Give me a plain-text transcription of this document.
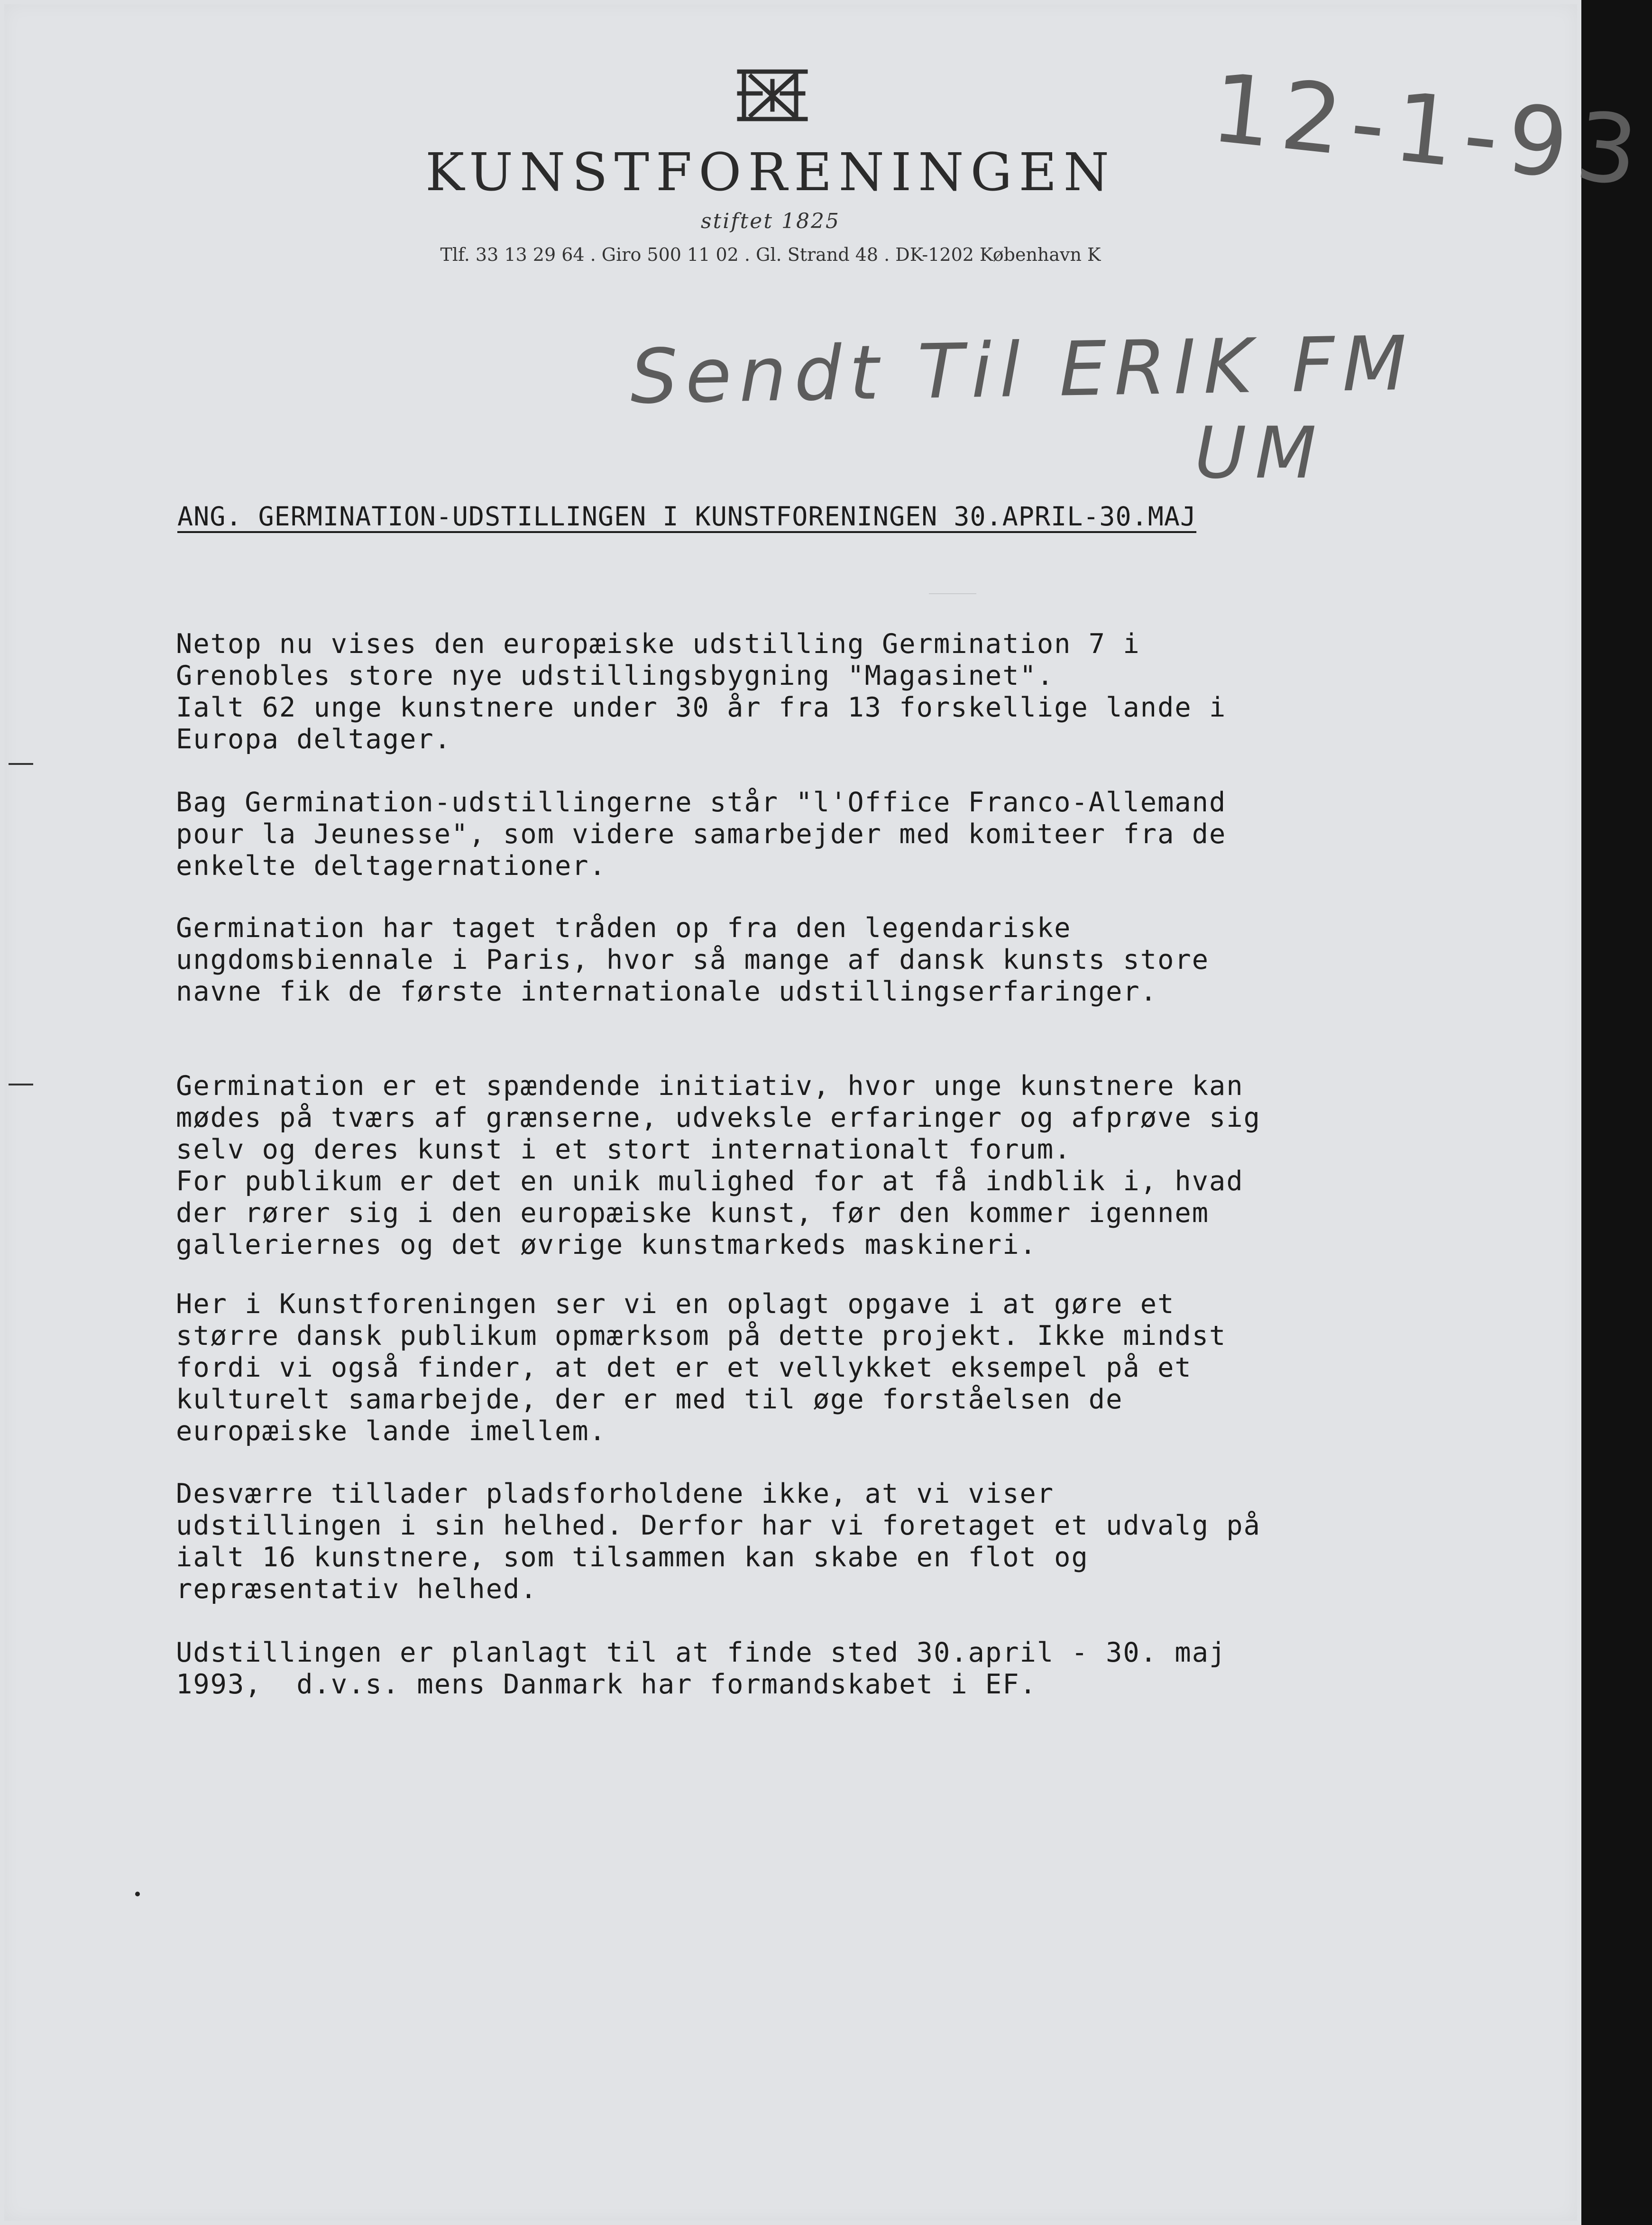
KUNSTFORENINGEN
stiftet 1825
Tlf. 33 13 29 64 . Giro 500 11 02 . Gl. Strand 48 . DK-1202 København K
12-1-93
Sendt Til ERIK FM
UM
ANG. GERMINATION-UDSTILLINGEN I KUNSTFORENINGEN 30.APRIL-30.MAJ

Netop nu vises den europæiske udstilling Germination 7 i
Grenobles store nye udstillingsbygning "Magasinet".
Ialt 62 unge kunstnere under 30 år fra 13 forskellige lande i
Europa deltager.

Bag Germination-udstillingerne står "l'Office Franco-Allemand
pour la Jeunesse", som videre samarbejder med komiteer fra de
enkelte deltagernationer.

Germination har taget tråden op fra den legendariske
ungdomsbiennale i Paris, hvor så mange af dansk kunsts store
navne fik de første internationale udstillingserfaringer.

Germination er et spændende initiativ, hvor unge kunstnere kan
mødes på tværs af grænserne, udveksle erfaringer og afprøve sig
selv og deres kunst i et stort internationalt forum.
For publikum er det en unik mulighed for at få indblik i, hvad
der rører sig i den europæiske kunst, før den kommer igennem
galleriernes og det øvrige kunstmarkeds maskineri.

Her i Kunstforeningen ser vi en oplagt opgave i at gøre et
større dansk publikum opmærksom på dette projekt. Ikke mindst
fordi vi også finder, at det er et vellykket eksempel på et
kulturelt samarbejde, der er med til øge forståelsen de
europæiske lande imellem.

Desværre tillader pladsforholdene ikke, at vi viser
udstillingen i sin helhed. Derfor har vi foretaget et udvalg på
ialt 16 kunstnere, som tilsammen kan skabe en flot og
repræsentativ helhed.

Udstillingen er planlagt til at finde sted 30.april - 30. maj
1993,  d.v.s. mens Danmark har formandskabet i EF.
